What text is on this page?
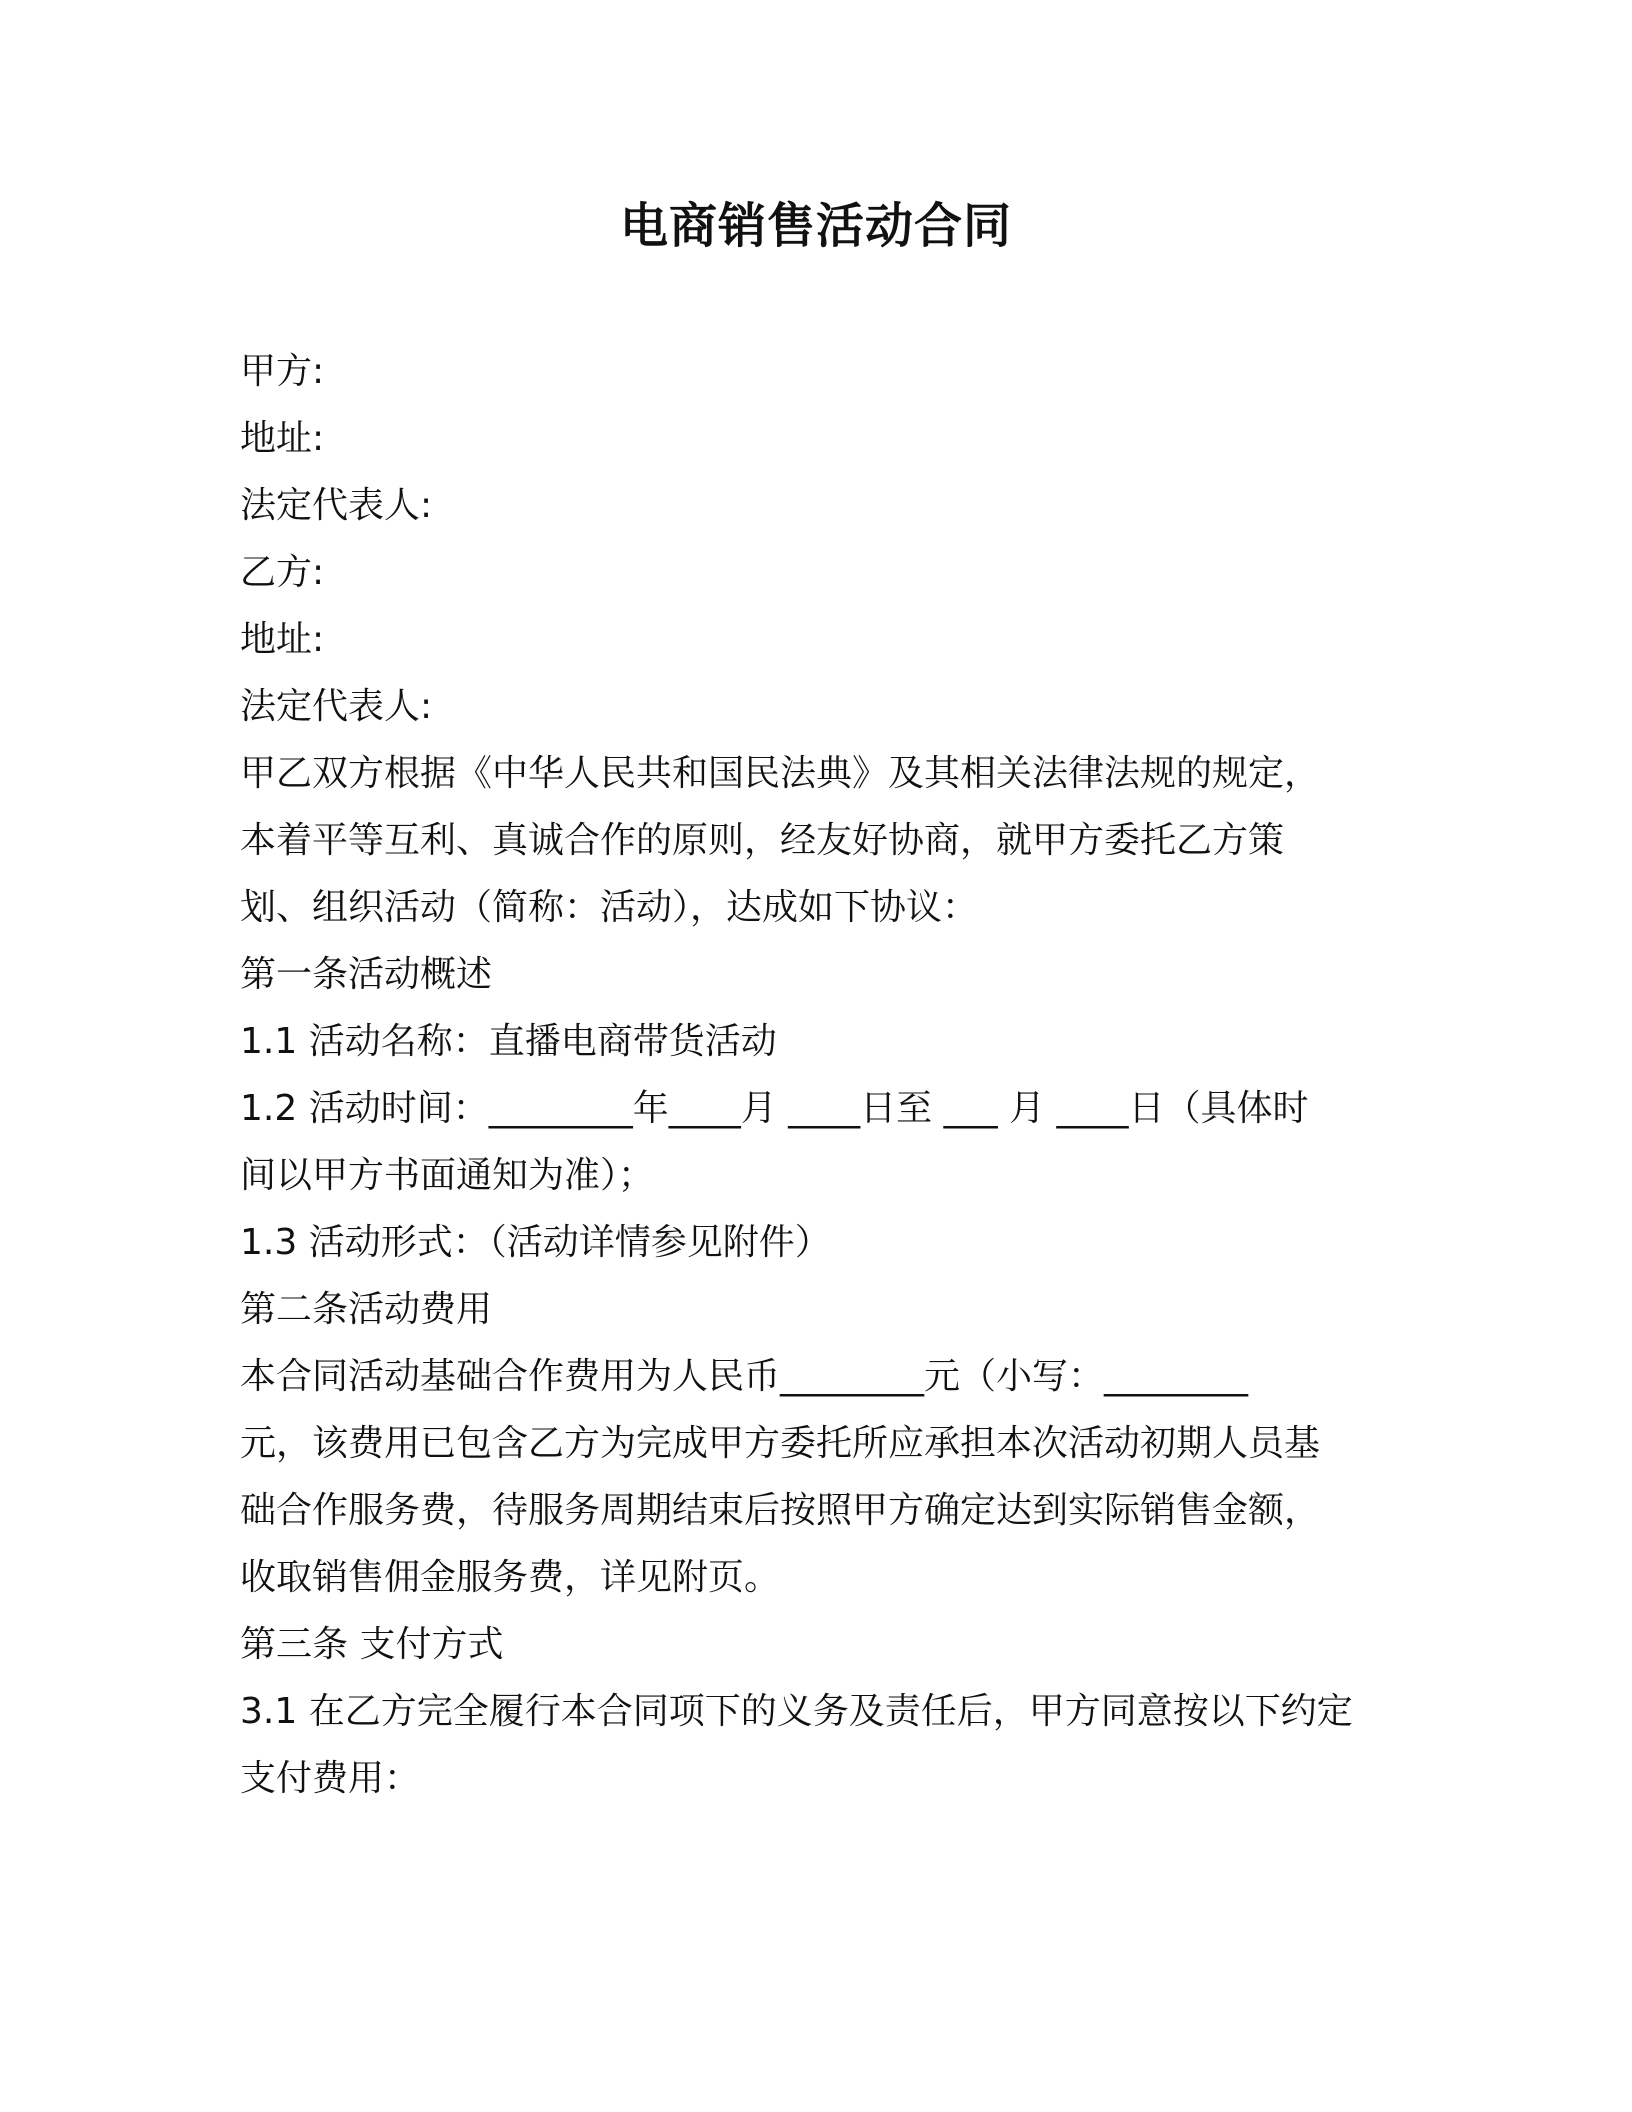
电商销售活动合同

甲方:

地址:

法定代表人:

乙方:

地址:

法定代表人:

甲乙双方根据《中华人民共和国民法典》及其相关法律法规的规定，

本着平等互利、真诚合作的原则，经友好协商，就甲方委托乙方策

划、组织活动（简称：活动），达成如下协议：

第一条活动概述

1.1 活动名称：直播电商带货活动

1.2 活动时间：________年____月 ____日至 ___ 月 ____日（具体时

间以甲方书面通知为准）；

1.3 活动形式：（活动详情参见附件）

第二条活动费用

本合同活动基础合作费用为人民币________元（小写：________

元，该费用已包含乙方为完成甲方委托所应承担本次活动初期人员基

础合作服务费，待服务周期结束后按照甲方确定达到实际销售金额，

收取销售佣金服务费，详见附页。

第三条 支付方式

3.1 在乙方完全履行本合同项下的义务及责任后，甲方同意按以下约定

支付费用：
